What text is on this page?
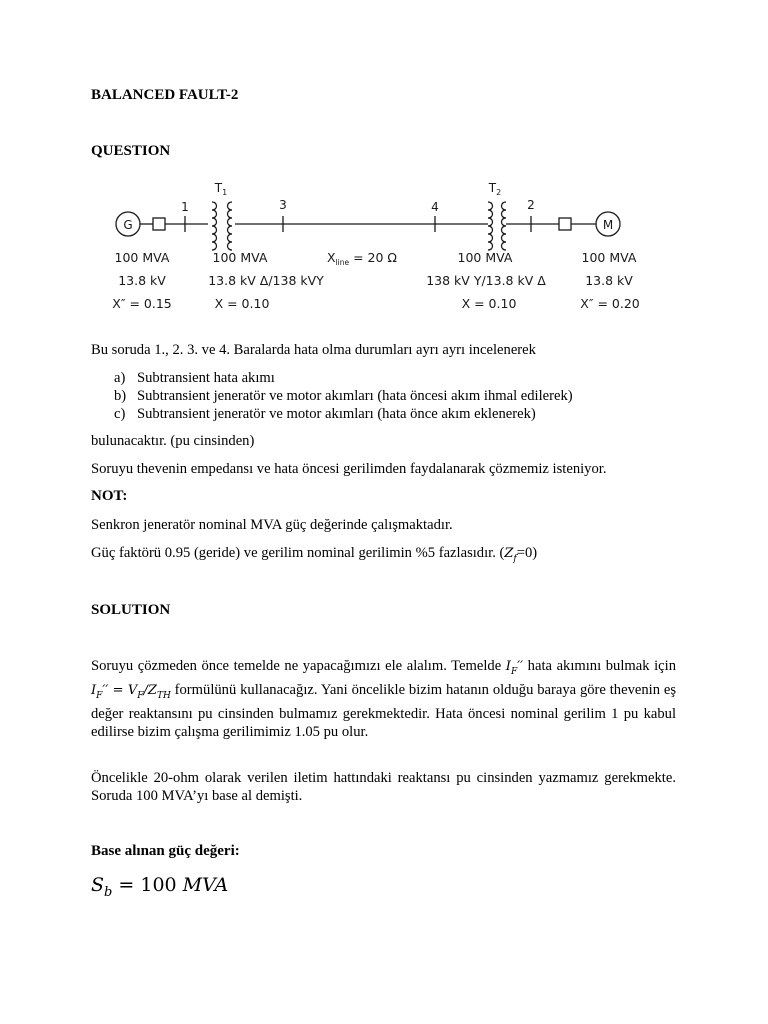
BALANCED FAULT-2
QUESTION
G
1
$T_1$
3	4
$T_2$
2
M
100 MVA
13.8 kV
X″ = 0.15
100 MVA
13.8 kV Δ/138 kVY
X = 0.10
$X_{line} = 20$ Ω	100 MVA
138 kV Y/13.8 kV Δ
X = 0.10
100 MVA
13.8 kV
X″ = 0.20
Bu soruda 1., 2. 3. ve 4. Baralarda hata olma durumları ayrı ayrı incelenerek
a) Subtransient hata akımı
b) Subtransient jeneratör ve motor akımları (hata öncesi akım ihmal edilerek)
c) Subtransient jeneratör ve motor akımları (hata önce akım eklenerek)
bulunacaktır. (pu cinsinden)
Soruyu thevenin empedansı ve hata öncesi gerilimden faydalanarak çözmemiz isteniyor.
NOT:
Senkron jeneratör nominal MVA güç değerinde çalışmaktadır.
Güç faktörü 0.95 (geride) ve gerilim nominal gerilimin %5 fazlasıdır. $(Z_f=0)$
SOLUTION
Soruyu çözmeden önce temelde ne yapacağımızı ele alalım. Temelde $I_F''$ hata akımını bulmak için $I_F'' = V_F/Z_{TH}$ formülünü kullanacağız. Yani öncelikle bizim hatanın olduğu baraya göre thevenin eş değer reaktansını pu cinsinden bulmamız gerekmektedir. Hata öncesi nominal gerilim 1 pu kabul edilirse bizim çalışma gerilimimiz 1.05 pu olur.
Öncelikle 20-ohm olarak verilen iletim hattındaki reaktansı pu cinsinden yazmamız gerekmekte. Soruda 100 MVA’yı base al demişti.
Base alınan güç değeri:
$S_b = 100$ MVA
